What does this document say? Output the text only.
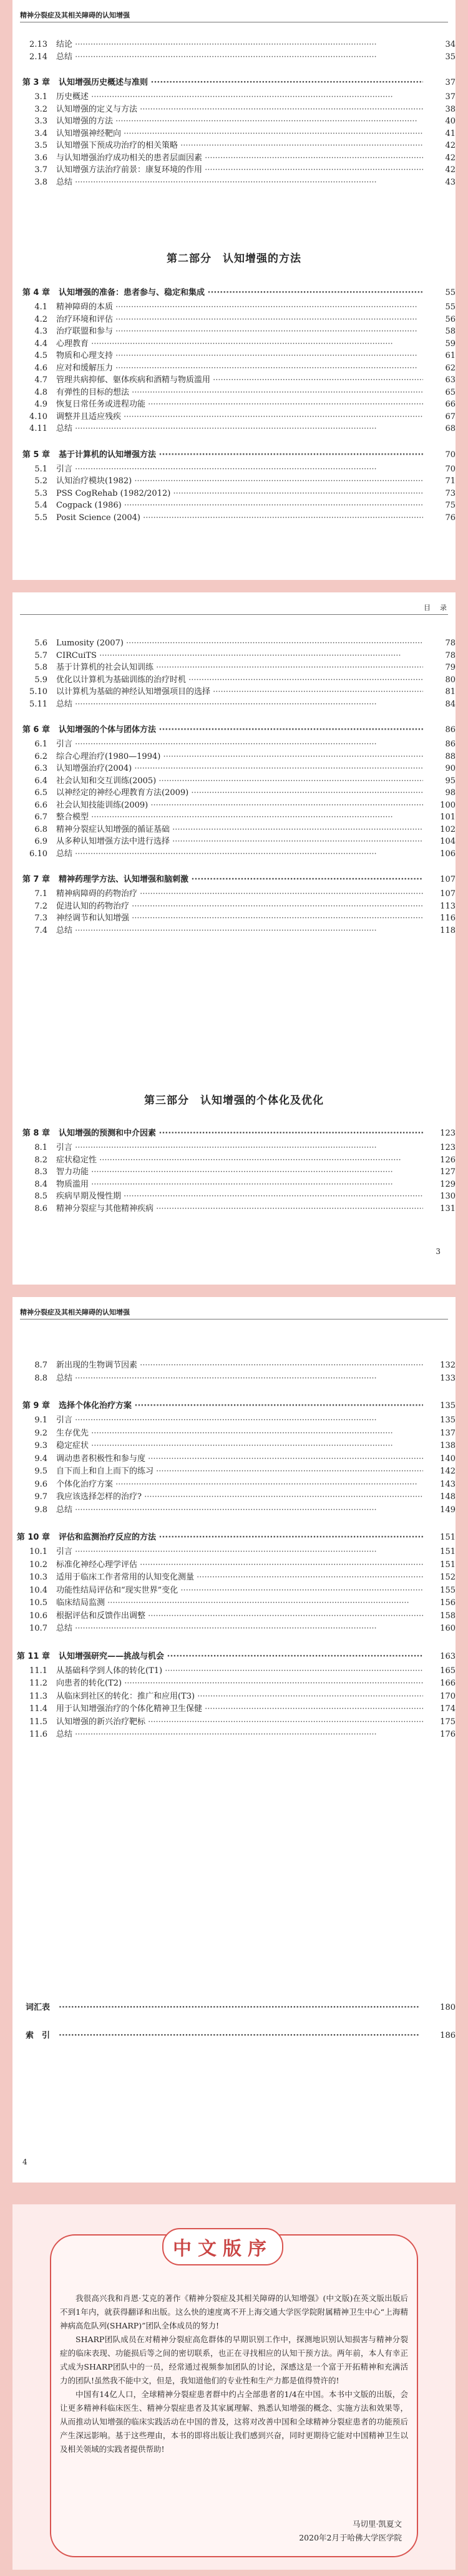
精神分裂症及其相关障碍的认知增强
2.13 结论 ·····	34
2.14 总结 ·····	35
第 3 章 认知增强历史概述与准则 ·····	37
3.1 历史概述 ·····	37
3.2 认知增强的定义与方法 ·····	38
3.3 认知增强的方法 ·····	40
3.4 认知增强神经靶向 ·····	41
3.5 认知增强下预成功治疗的相关策略 ·····	42
3.6 与认知增强治疗成功相关的患者层面因素 ·····	42
3.7 认知增强方法治疗前景：康复环境的作用 ·····	42
3.8 总结 ·····	43
第二部分　认知增强的方法
第 4 章 认知增强的准备：患者参与、稳定和集成 ·····	55
4.1 精神障碍的本质 ·····	55
4.2 治疗环境和评估 ·····	56
4.3 治疗联盟和参与 ·····	58
4.4 心理教育 ·····	59
4.5 物质和心理支持 ·····	61
4.6 应对和缓解压力 ·····	62
4.7 管理共病抑郁、躯体疾病和酒精与物质滥用 ·····	63
4.8 有弹性的目标的想法 ·····	65
4.9 恢复日常任务或进程功能 ·····	66
4.10 调整并且适应残疾 ·····	67
4.11 总结 ·····	68
第 5 章 基于计算机的认知增强方法 ·····	70
5.1 引言 ·····	70
5.2 认知治疗模块(1982) ·····	71
5.3 PSS CogRehab (1982/2012) ·····	73
5.4 Cogpack (1986) ·····	75
5.5 Posit Science (2004) ·····	76
目　录
5.6 Lumosity (2007) ·····	78
5.7 CIRCuiTS ·····	78
5.8 基于计算机的社会认知训练 ·····	79
5.9 优化以计算机为基础训练的治疗时机 ·····	80
5.10 以计算机为基础的神经认知增强项目的选择 ·····	81
5.11 总结 ·····	84
第 6 章 认知增强的个体与团体方法 ·····	86
6.1 引言 ·····	86
6.2 综合心理治疗(1980—1994) ·····	88
6.3 认知增强治疗(2004) ·····	90
6.4 社会认知和交互训练(2005) ·····	95
6.5 以神经定的神经心理教育方法(2009) ·····	98
6.6 社会认知技能训练(2009) ·····	100
6.7 整合模型 ·····	101
6.8 精神分裂症认知增强的循证基础 ·····	102
6.9 从多种认知增强方法中进行选择 ·····	104
6.10 总结 ·····	106
第 7 章 精神药理学方法、认知增强和脑刺激 ·····	107
7.1 精神病障碍的药物治疗 ·····	107
7.2 促进认知的药物治疗 ·····	113
7.3 神经调节和认知增强 ·····	116
7.4 总结 ·····	118
第三部分　认知增强的个体化及优化
第 8 章 认知增强的预测和中介因素 ·····	123
8.1 引言 ·····	123
8.2 症状稳定性 ·····	126
8.3 智力功能 ·····	127
8.4 物质滥用 ·····	129
8.5 疾病早期及慢性期 ·····	130
8.6 精神分裂症与其他精神疾病 ·····	131
3
精神分裂症及其相关障碍的认知增强
8.7 新出现的生物调节因素 ·····	132
8.8 总结 ·····	133
第 9 章 选择个体化治疗方案 ·····	135
9.1 引言 ·····	135
9.2 生存优先 ·····	137
9.3 稳定症状 ·····	138
9.4 调动患者积极性和参与度 ·····	140
9.5 自下而上和自上而下的练习 ·····	142
9.6 个体化治疗方案 ·····	143
9.7 我应该选择怎样的治疗? ·····	148
9.8 总结 ·····	149
第 10 章 评估和监测治疗反应的方法 ·····	151
10.1 引言 ·····	151
10.2 标准化神经心理学评估 ·····	151
10.3 适用于临床工作者常用的认知变化测量 ·····	152
10.4 功能性结局评估和“现实世界”变化 ·····	155
10.5 临床结局监测 ·····	156
10.6 根据评估和反馈作出调整 ·····	158
10.7 总结 ·····	160
第 11 章 认知增强研究——挑战与机会 ·····	163
11.1 从基础科学到人体的转化(T1) ·····	165
11.2 向患者的转化(T2) ·····	166
11.3 从临床到社区的转化：推广和应用(T3) ·····	170
11.4 用于认知增强治疗的个体化精神卫生保健 ·····	174
11.5 认知增强的新兴治疗靶标 ·····	175
11.6 总结 ·····	176
词汇表 ·····	180
索　引 ·····	186
4
中文版序

我很高兴我和肖恩·艾克的著作《精神分裂症及其相关障碍的认知增强》(中文版)在英文版出版后不到1年内，就获得翻译和出版。这么快的速度离不开上海交通大学医学院附属精神卫生中心“上海精神病高危队列(SHARP)”团队全体成员的努力!

SHARP团队成员在对精神分裂症高危群体的早期识别工作中，探测地识别认知损害与精神分裂症的临床表现、功能损后等之间的密切联系，也正在寻找相应的认知干预方法。两年前，本人有幸正式成为SHARP团队中的一员，经常通过视频参加团队的讨论，深感这是一个富于开拓精神和充满活力的团队!虽然我不能中文，但是，我知道他们的专业性和生产力都是值得赞许的!

中国有14亿人口，全球精神分裂症患者群中约占全部患者的1/4在中国。本书中文版的出版，会让更多精神科临床医生、精神分裂症患者及其家属理解、熟悉认知增强的概念、实施方法和效果等，从而推动认知增强的临床实践活动在中国的普及，这将对改善中国和全球精神分裂症患者的功能预后产生深远影响。基于这些理由，本书的即将出版让我们感到兴奋，同时更期待它能对中国精神卫生以及相关领域的实践者提供帮助!

马切里·凯夏文
2020年2月于哈佛大学医学院
